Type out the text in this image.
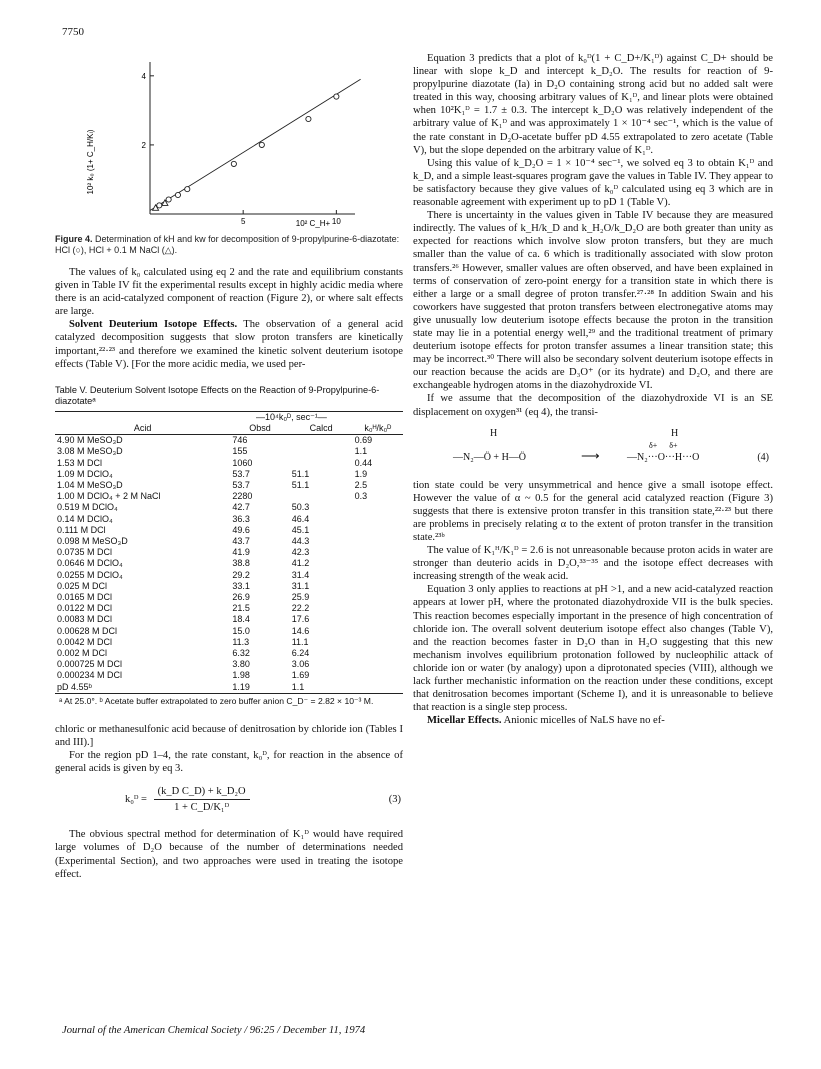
7750
2
4
5	10
10² k₀ (1+ C_H/Kₗ)
10² C_H+
Figure 4. Determination of kH and kw for decomposition of 9-propylpurine-6-diazotate: HCl (○), HCl + 0.1 M NaCl (△).

The values of k₀ calculated using eq 2 and the rate and equilibrium constants given in Table IV fit the experimental results except in highly acidic media where there is an acid-catalyzed component of reaction (Figure 2), or where salt effects are large.

Solvent Deuterium Isotope Effects. The observation of a general acid catalyzed decomposition suggests that slow proton transfers are kinetically important,²²·²³ and therefore we examined the kinetic solvent deuterium isotope effects (Table V). [For the more acidic media, we used per-

Table V. Deuterium Solvent Isotope Effects on the Reaction of 9-Propylpurine-6-diazotateᵃ
	—10⁴k₀ᴰ, sec⁻¹—		
Acid	Obsd	Calcd	k₀ᴴ/k₀ᴰ
4.90 M MeSO₃D	746		0.69
3.08 M MeSO₃D	155		1.1
1.53 M DCl	1060		0.44
1.09 M DClO₄	53.7	51.1	1.9
1.04 M MeSO₃D	53.7	51.1	2.5
1.00 M DClO₄ + 2 M NaCl	2280		0.3
0.519 M DClO₄	42.7	50.3	
0.14 M DClO₄	36.3	46.4	
0.111 M DCl	49.6	45.1	
0.098 M MeSO₃D	43.7	44.3	
0.0735 M DCl	41.9	42.3	
0.0646 M DClO₄	38.8	41.2	
0.0255 M DClO₄	29.2	31.4	
0.025 M DCl	33.1	31.1	
0.0165 M DCl	26.9	25.9	
0.0122 M DCl	21.5	22.2	
0.0083 M DCl	18.4	17.6	
0.00628 M DCl	15.0	14.6	
0.0042 M DCl	11.3	11.1	
0.002 M DCl	6.32	6.24	
0.000725 M DCl	3.80	3.06	
0.000234 M DCl	1.98	1.69	
pD 4.55ᵇ	1.19	1.1	
ᵃ At 25.0°. ᵇ Acetate buffer extrapolated to zero buffer anion C_D⁻ = 2.82 × 10⁻³ M.

chloric or methanesulfonic acid because of denitrosation by chloride ion (Tables I and III).]

For the region pD 1–4, the rate constant, k₀ᴰ, for reaction in the absence of general acids is given by eq 3.

k₀ᴰ = $\frac{\text{(k\_D C\_D) + k\_D₂O}}{\text{1 + C\_D/K₁ᴰ}}$	(3)

The obvious spectral method for determination of K₁ᴰ would have required large volumes of D₂O because of the number of determinations needed (Experimental Section), and two approaches were used in treating the isotope effect.

Equation 3 predicts that a plot of k₀ᴰ(1 + C_D+/K₁ᴰ) against C_D+ should be linear with slope k_D and intercept k_D₂O. The results for reaction of 9-propylpurine diazotate (Ia) in D₂O containing strong acid but no added salt were treated in this way, choosing arbitrary values of K₁ᴰ, and linear plots were obtained when 10²K₁ᴰ = 1.7 ± 0.3. The intercept k_D₂O was relatively independent of the arbitrary value of K₁ᴰ and was approximately 1 × 10⁻⁴ sec⁻¹, which is the value of the rate constant in D₂O-acetate buffer pD 4.55 extrapolated to zero acetate (Table V), but the slope depended on the arbitrary value of K₁ᴰ.

Using this value of k_D₂O = 1 × 10⁻⁴ sec⁻¹, we solved eq 3 to obtain K₁ᴰ and k_D, and a simple least-squares program gave the values in Table IV. They appear to be satisfactory because they give values of k₀ᴰ calculated using eq 3 which are in reasonable agreement with experiment up to pD 1 (Table V).

There is uncertainty in the values given in Table IV because they are measured indirectly. The values of k_H/k_D and k_H₂O/k_D₂O are both greater than unity as expected for reactions which involve slow proton transfers, but they are much smaller than the value of ca. 6 which is traditionally associated with slow proton transfers.²⁶ However, smaller values are often observed, and have been explained in terms of conservation of zero-point energy for a transition state in which there is either a large or a small degree of proton transfer.²⁷·²⁸ In addition Swain and his coworkers have suggested that proton transfers between electronegative atoms may give unusually low deuterium isotope effects because the proton in the transition state may lie in a potential energy well,²⁹ and the traditional treatment of primary deuterium isotope effects for proton transfer assumes a linear transition state; this may be incorrect.³⁰ There will also be secondary solvent deuterium isotope effects in our reaction because the acids are D₃O⁺ (or its hydrate) and D₂O, and there are exchangeable hydrogen atoms in the diazohydroxide VI.

If we assume that the decomposition of the diazohydroxide VI is an SE displacement on oxygen³¹ (eq 4), the transi-

H	H
δ+      δ+
—N₂—Ö + H—Ö	⟶	—N₂···O···H···O	(4)

tion state could be very unsymmetrical and hence give a small isotope effect. However the value of α ~ 0.5 for the general acid catalyzed reaction (Figure 3) suggests that there is extensive proton transfer in this transition state,²²·²³ but there are problems in precisely relating α to the extent of proton transfer in the transition state.²³ᵇ

The value of K₁ᴴ/K₁ᴰ = 2.6 is not unreasonable because proton acids in water are stronger than deuterio acids in D₂O,³³⁻³⁵ and the isotope effect decreases with increasing strength of the weak acid.

Equation 3 only applies to reactions at pH >1, and a new acid-catalyzed reaction appears at lower pH, where the protonated diazohydroxide VII is the bulk species. This reaction becomes especially important in the presence of high concentration of chloride ion. The overall solvent deuterium isotope effect also changes (Table V), and the reaction becomes faster in D₂O than in H₂O suggesting that this new mechanism involves equilibrium protonation followed by nucleophilic attack of chloride ion or water (by analogy) upon a diprotonated species (VIII), although we lack further mechanistic information on the reaction under these conditions, except that denitrosation becomes important (Scheme I), and it is unreasonable to believe that reaction is a single step process.

Micellar Effects. Anionic micelles of NaLS have no ef-

Journal of the American Chemical Society / 96:25 / December 11, 1974
